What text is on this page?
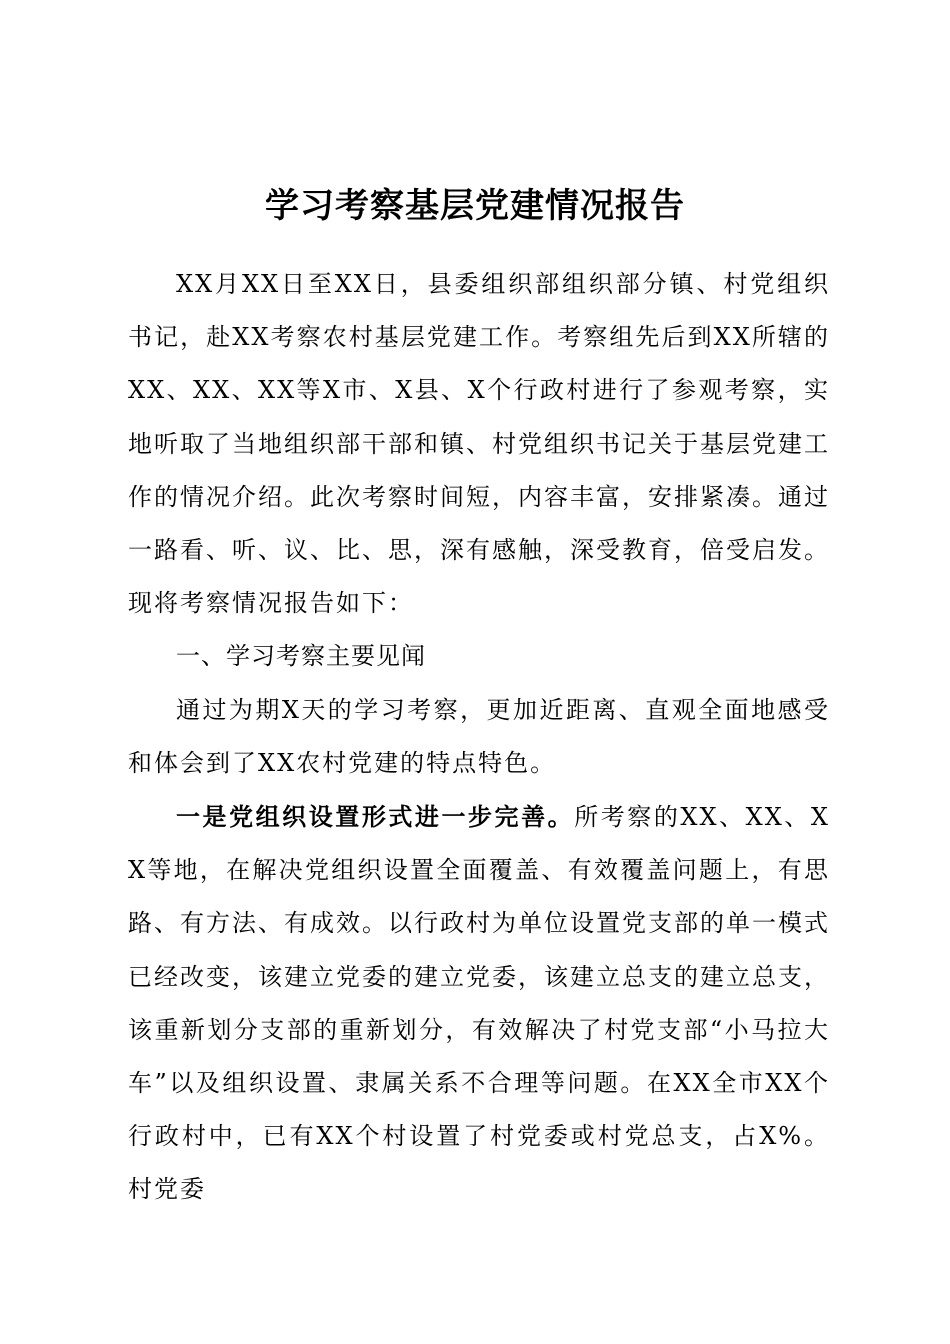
学习考察基层党建情况报告

XX月XX日至XX日，县委组织部组织部分镇、村党组织书记，赴XX考察农村基层党建工作。考察组先后到XX所辖的XX、XX、XX等X市、X县、X个行政村进行了参观考察，实地听取了当地组织部干部和镇、村党组织书记关于基层党建工作的情况介绍。此次考察时间短，内容丰富，安排紧凑。通过一路看、听、议、比、思，深有感触，深受教育，倍受启发。现将考察情况报告如下：

一、学习考察主要见闻

通过为期X天的学习考察，更加近距离、直观全面地感受和体会到了XX农村党建的特点特色。

一是党组织设置形式进一步完善。所考察的XX、XX、XX等地，在解决党组织设置全面覆盖、有效覆盖问题上，有思路、有方法、有成效。以行政村为单位设置党支部的单一模式已经改变，该建立党委的建立党委，该建立总支的建立总支，该重新划分支部的重新划分，有效解决了村党支部“小马拉大车”以及组织设置、隶属关系不合理等问题。在XX全市XX个行政村中，已有XX个村设置了村党委或村党总支，占X%。村党委
